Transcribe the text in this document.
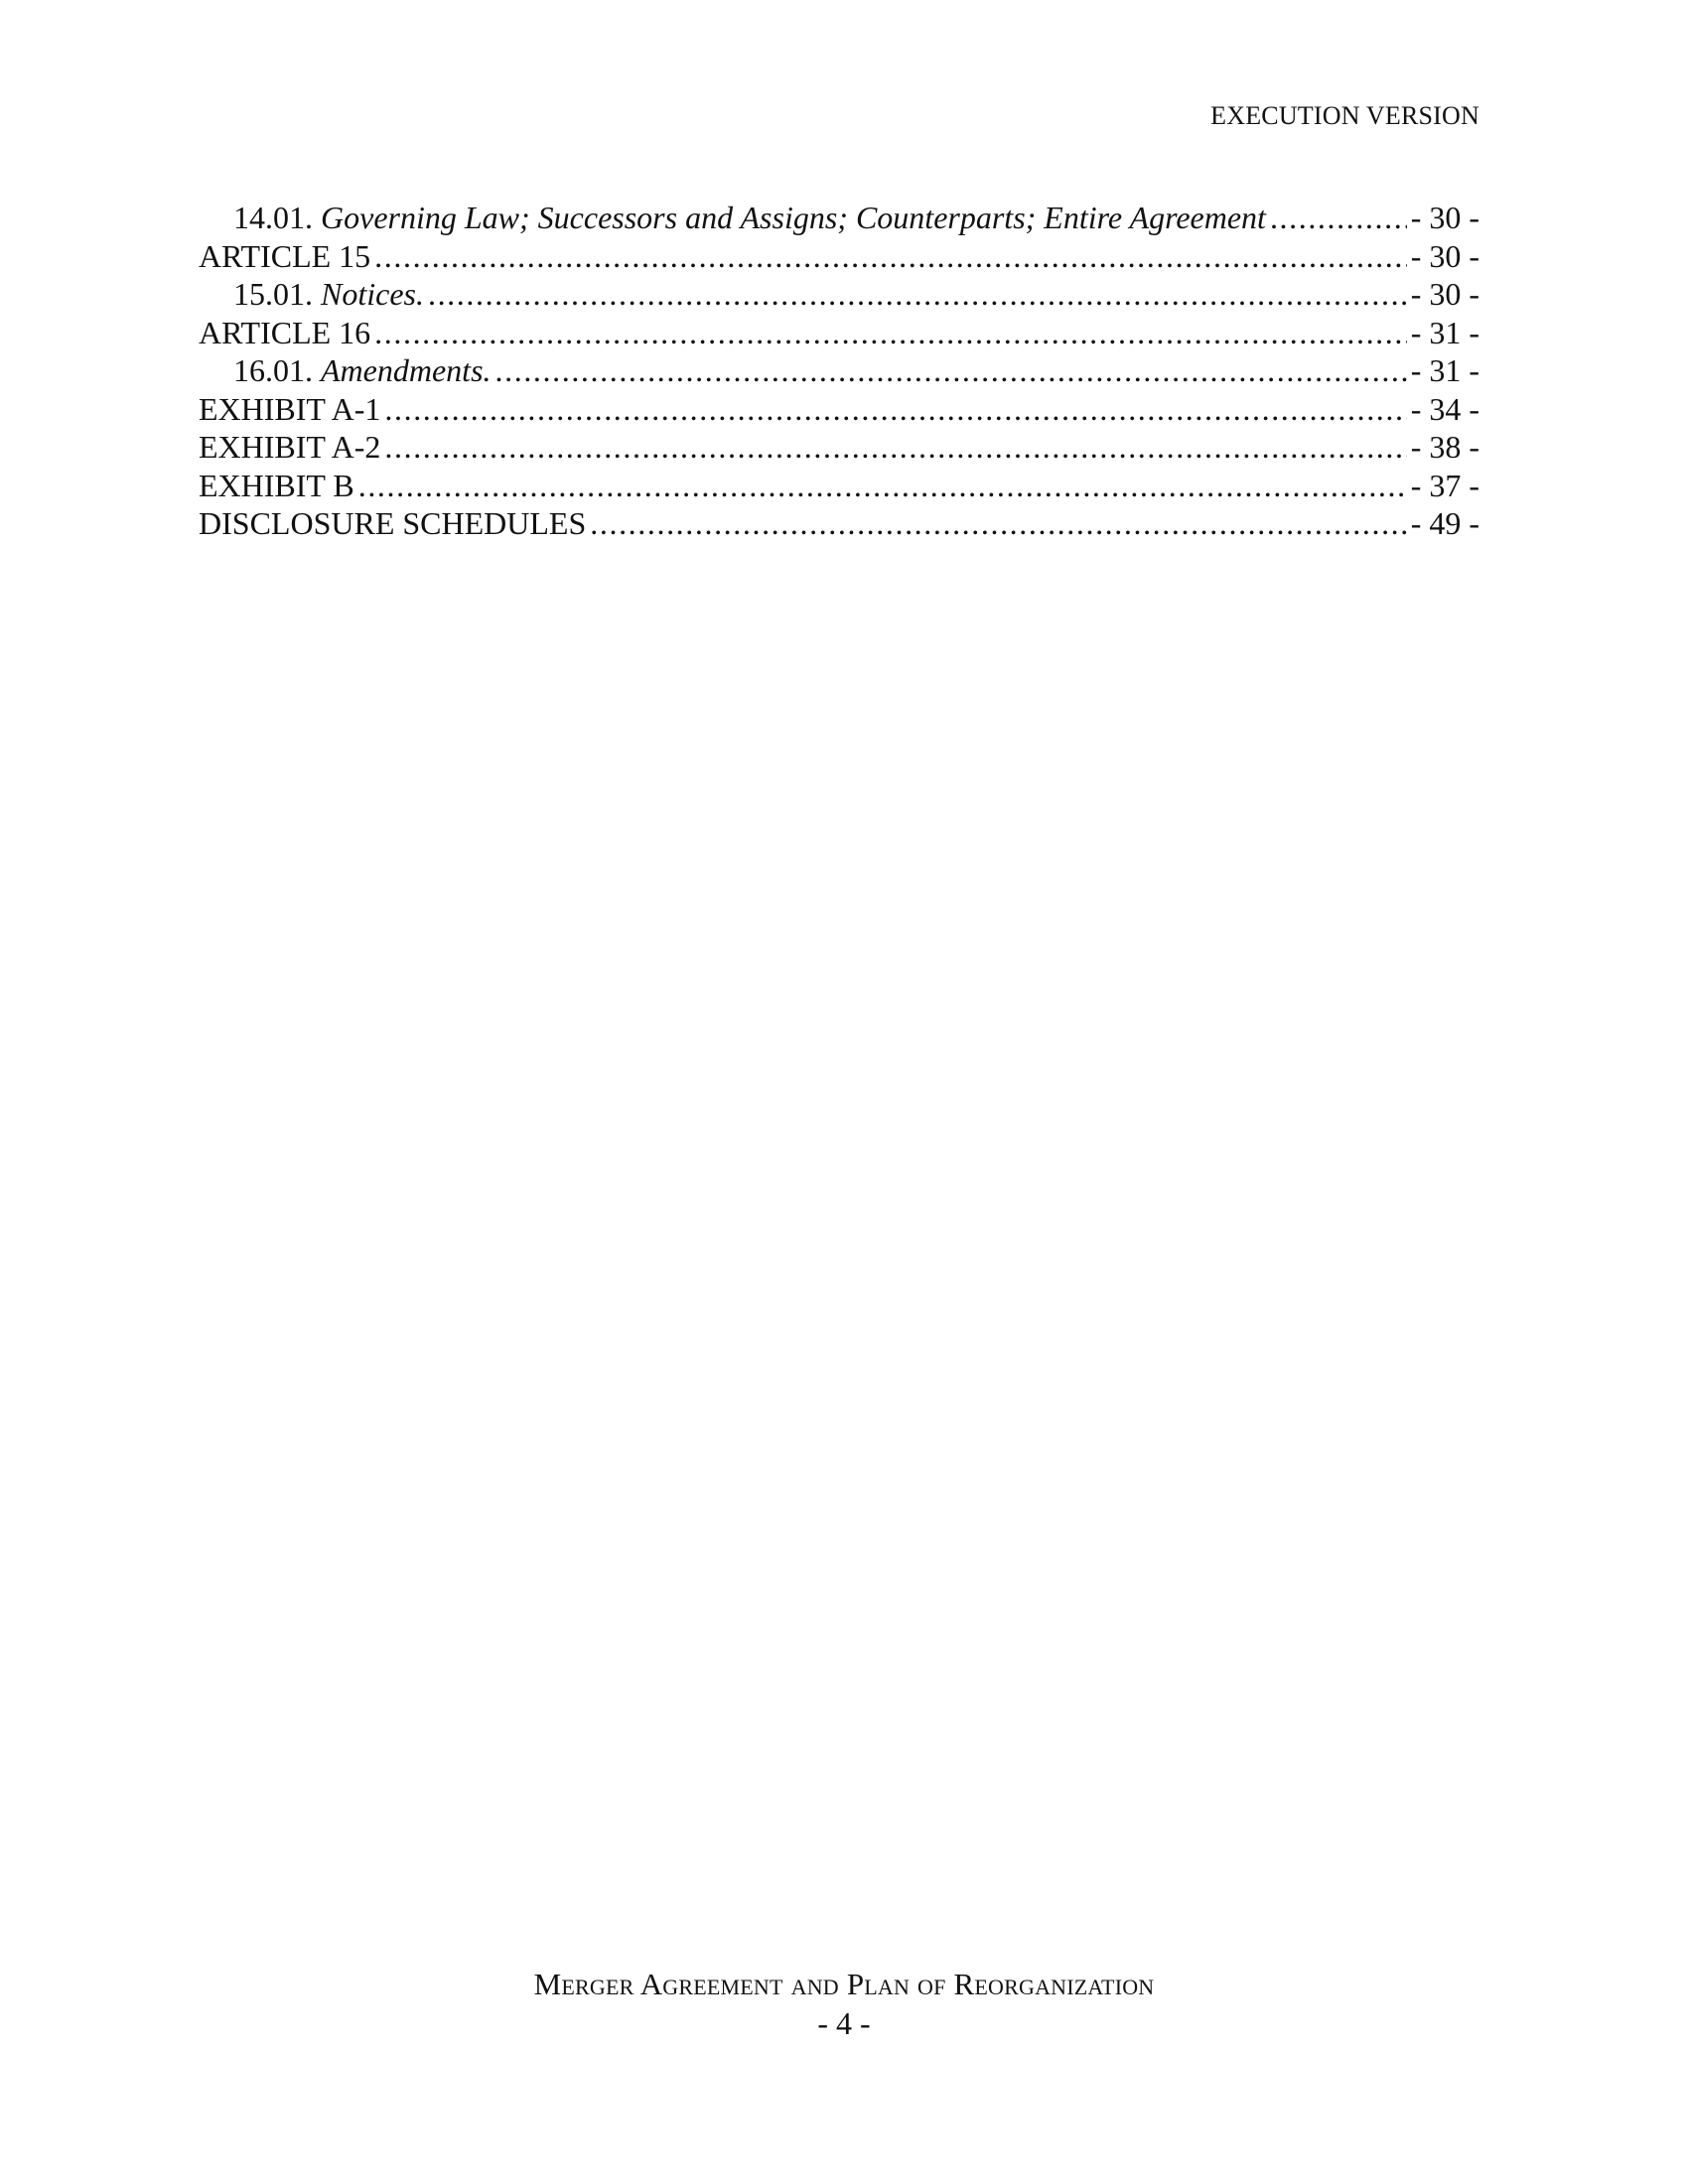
EXECUTION VERSION
14.01. Governing Law; Successors and Assigns; Counterparts; Entire Agreement .....	- 30 -
ARTICLE 15 .....	- 30 -
15.01. Notices. .....	- 30 -
ARTICLE 16 .....	- 31 -
16.01. Amendments. .....	- 31 -
EXHIBIT A-1 .....	- 34 -
EXHIBIT A-2 .....	- 38 -
EXHIBIT B .....	- 37 -
DISCLOSURE SCHEDULES .....	- 49 -
Merger Agreement and Plan of Reorganization
- 4 -
